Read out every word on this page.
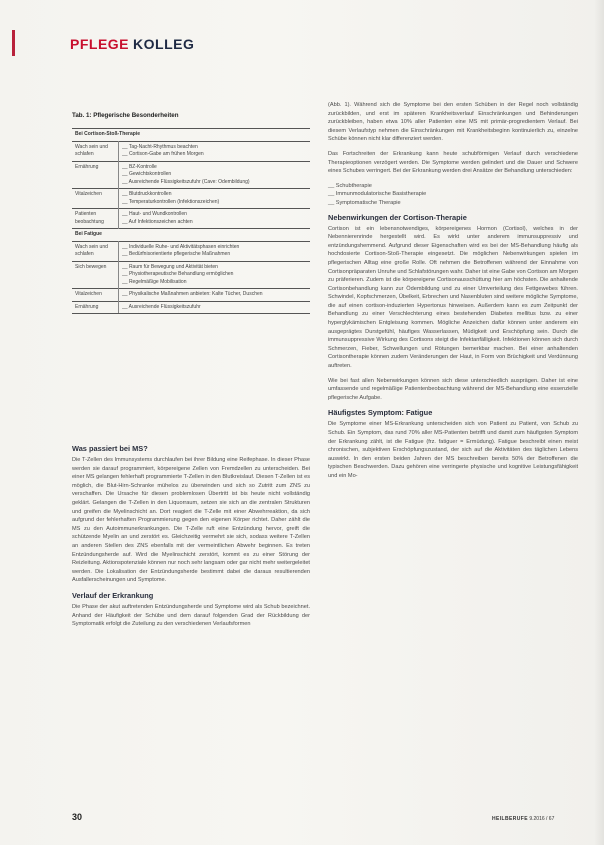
PFLEGE KOLLEG
Tab. 1: Pflegerische Besonderheiten
Bei Cortison-Stoß-Therapie	
Wach sein und schlafen	__ Tag-Nacht-Rhythmus beachten
__ Cortison-Gabe am frühen Morgen

Ernährung	__ BZ-Kontrolle
__ Gewichtskontrollen
__ Ausreichende Flüssigkeitszufuhr (Cave: Ödembildung)

Vitalzeichen	__ Blutdruckkontrollen
__ Temperaturkontrollen (Infektionszeichen)

Patienten beobachtung	__ Haut- und Wundkontrollen
__ Auf Infektionszeichen achten

Bei Fatigue	
Wach sein und schlafen	__ Individuelle Ruhe- und Aktivitätsphasen einrichten
__ Bedürfnisorientierte pflegerische Maßnahmen

Sich bewegen	__ Raum für Bewegung und Aktivität bieten
__ Physiotherapeutische Behandlung ermöglichen
__ Regelmäßige Mobilisation

Vitalzeichen	__ Physikalische Maßnahmen anbieten: Kalte Tücher, Duschen

Ernährung	__ Ausreichende Flüssigkeitszufuhr
Was passiert bei MS?

Die T-Zellen des Immunsystems durchlaufen bei ihrer Bildung eine Reifephase. In dieser Phase werden sie darauf programmiert, körpereigene Zellen von Fremdzellen zu unterscheiden. Bei einer MS gelangen fehlerhaft programmierte T-Zellen in den Blutkreislauf. Diesen T-Zellen ist es möglich, die Blut-Hirn-Schranke mühelos zu überwinden und sich so Zutritt zum ZNS zu verschaffen. Die Ursache für diesen problemlosen Übertritt ist bis heute nicht vollständig geklärt. Gelangen die T-Zellen in den Liquorraum, setzen sie sich an die zentralen Strukturen und greifen die Myelinschicht an. Dort reagiert die T-Zelle mit einer Abwehrreaktion, da sich aufgrund der fehlerhaften Programmierung gegen den eigenen Körper richtet. Daher zählt die MS zu den Autoimmunerkrankungen. Die T-Zelle ruft eine Entzündung hervor, greift die schützende Myelin an und zerstört es. Gleichzeitig vermehrt sie sich, sodass weitere T-Zellen an anderen Stellen des ZNS ebenfalls mit der vermeintlichen Abwehr beginnen. Es treten Entzündungsherde auf. Wird die Myelinschicht zerstört, kommt es zu einer Störung der Reizleitung. Aktionspotenziale können nur noch sehr langsam oder gar nicht mehr weitergeleitet werden. Die Lokalisation der Entzündungsherde bestimmt dabei die daraus resultierenden Ausfallerscheinungen und Symptome.

Verlauf der Erkrankung

Die Phase der akut auftretenden Entzündungsherde und Symptome wird als Schub bezeichnet. Anhand der Häufigkeit der Schübe und dem darauf folgenden Grad der Rückbildung der Symptomatik erfolgt die Zuteilung zu den verschiedenen Verlaufsformen

(Abb. 1). Während sich die Symptome bei den ersten Schüben in der Regel noch vollständig zurückbilden, und erst im späteren Krankheitsverlauf Einschränkungen und Behinderungen zurückbleiben, haben etwa 10% aller Patienten eine MS mit primär-progredientem Verlauf. Bei diesem Verlaufstyp nehmen die Einschränkungen mit Krankheitsbeginn kontinuierlich zu, einzelne Schübe können nicht klar differenziert werden.

Das Fortschreiten der Erkrankung kann heute schubförmigen Verlauf durch verschiedene Therapieoptionen verzögert werden. Die Symptome werden gelindert und die Dauer und Schwere eines Schubes verringert. Bei der Erkrankung werden drei Ansätze der Behandlung unterschieden:

__ Schubtherapie
__ Immunmodulatorische Basistherapie
__ Symptomatische Therapie
Nebenwirkungen der Cortison-Therapie

Cortison ist ein lebensnotwendiges, körpereigenes Hormon (Cortisol), welches in der Nebennierenrinde hergestellt wird. Es wirkt unter anderem immunsuppressiv und entzündungshemmend. Aufgrund dieser Eigenschaften wird es bei der MS-Behandlung häufig als hochdosierte Cortison-Stoß-Therapie eingesetzt. Die möglichen Nebenwirkungen spielen im pflegerischen Alltag eine große Rolle. Oft nehmen die Betroffenen während der Einnahme von Cortisonpräparaten Unruhe und Schlafstörungen wahr. Daher ist eine Gabe von Cortison am Morgen zu präferieren. Zudem ist die körpereigene Cortisonausschüttung hier am höchsten. Die anhaltende Cortisonbehandlung kann zur Ödembildung und zu einer Umverteilung des Fettgewebes führen. Schwindel, Kopfschmerzen, Übelkeit, Erbrechen und Nasenbluten sind weitere mögliche Symptome, die auf einen cortison-induzierten Hypertonus hinweisen. Außerdem kann es zum Zeitpunkt der Behandlung zu einer Verschlechterung eines bestehenden Diabetes mellitus bzw. zu einer hyperglykämischen Entgleisung kommen. Mögliche Anzeichen dafür können unter anderem ein ausgeprägtes Durstgefühl, häufiges Wasserlassen, Müdigkeit und Erschöpfung sein. Durch die immunsuppressive Wirkung des Cortisons steigt die Infektanfälligkeit. Infektionen können sich durch Schmerzen, Fieber, Schwellungen und Rötungen bemerkbar machen. Bei einer anhaltenden Cortisontherapie können zudem Veränderungen der Haut, in Form von Brüchigkeit und Verdünnung auftreten.

Wie bei fast allen Nebenwirkungen können sich diese unterschiedlich ausprägen. Daher ist eine umfassende und regelmäßige Patientenbeobachtung während der MS-Behandlung eine essenzielle pflegerische Aufgabe.

Häufigstes Symptom: Fatigue

Die Symptome einer MS-Erkrankung unterscheiden sich von Patient zu Patient, von Schub zu Schub. Ein Symptom, das rund 70% aller MS-Patienten betrifft und damit zum häufigsten Symptom der Erkrankung zählt, ist die Fatigue (frz. fatiguer = Ermüdung). Fatigue beschreibt einen meist chronischen, subjektiven Erschöpfungszustand, der sich auf die Aktivitäten des täglichen Lebens auswirkt. In den ersten beiden Jahren der MS beschreiben bereits 50% der Betroffenen die typischen Beschwerden. Dazu gehören eine verringerte physische und kognitive Leistungsfähigkeit und ein Mo-

30	HEILBERUFE 9.2016 / 67
